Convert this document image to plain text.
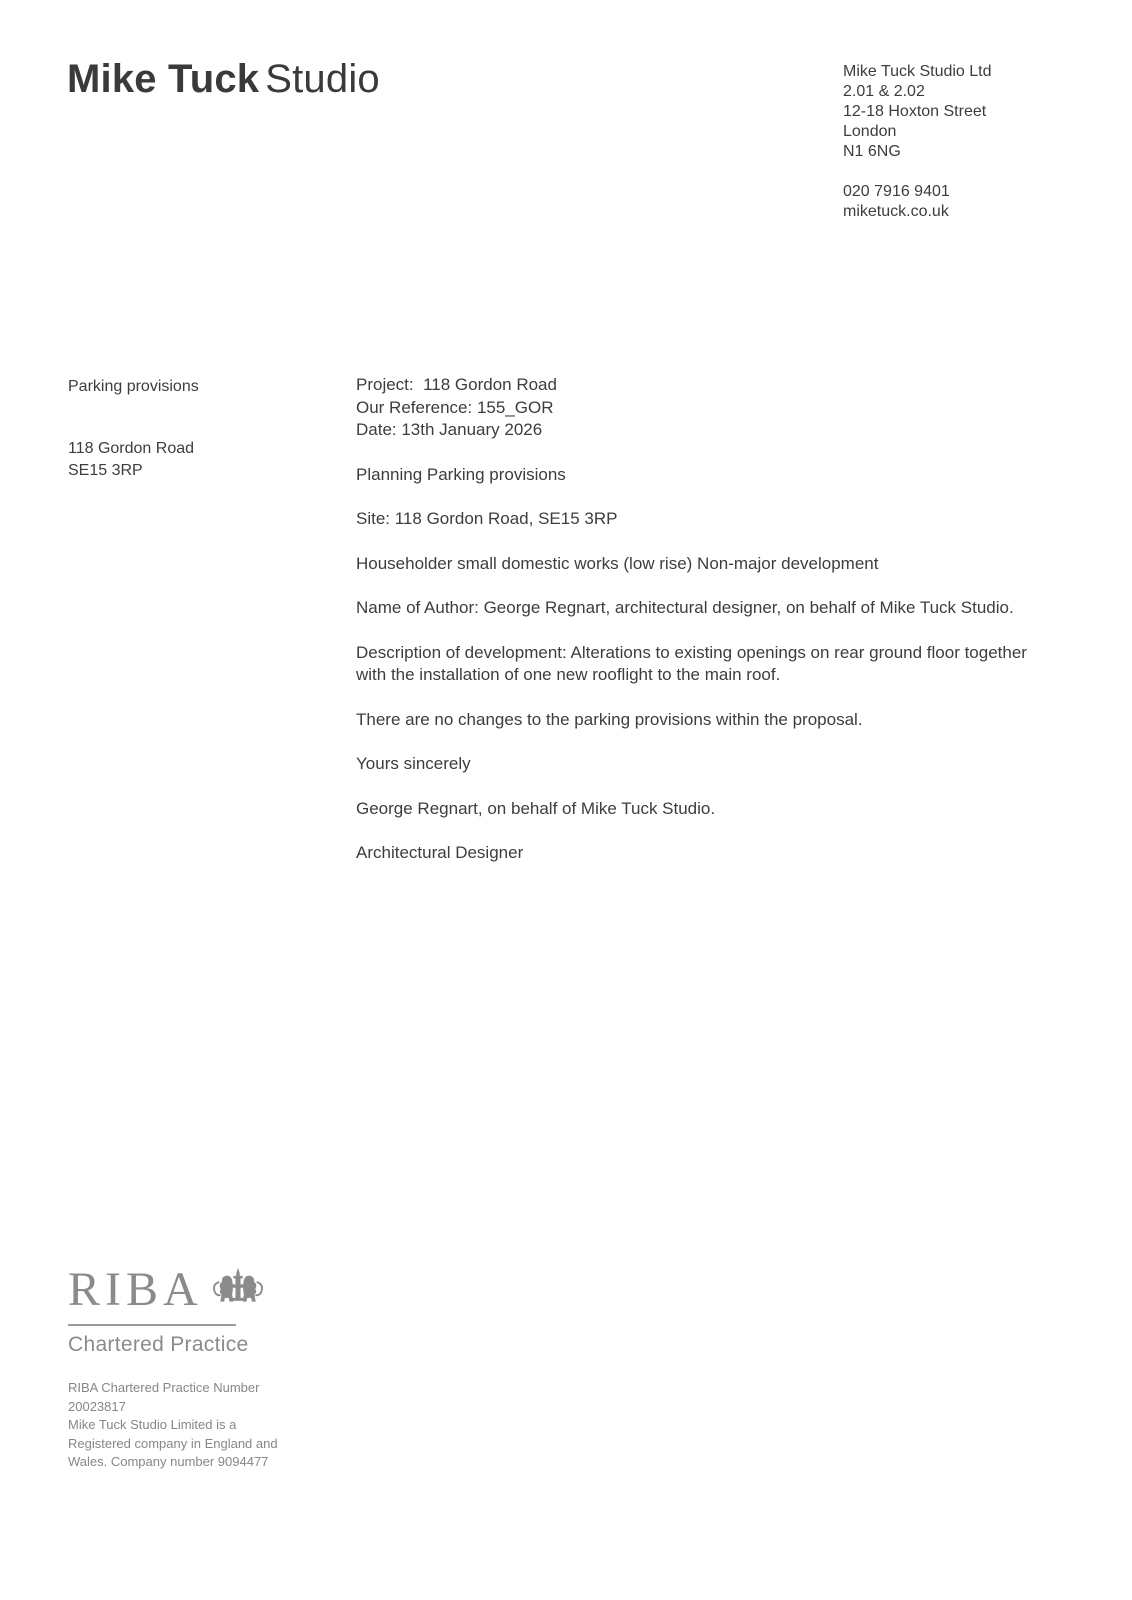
Mike Tuck Studio	Mike Tuck Studio Ltd
2.01 & 2.02
12-18 Hoxton Street
London
N1 6NG
020 7916 9401
miketuck.co.uk
Parking provisions
118 Gordon Road
SE15 3RP
Project:  118 Gordon Road
Our Reference: 155_GOR
Date: 13th January 2026

Planning Parking provisions

Site: 118 Gordon Road, SE15 3RP

Householder small domestic works (low rise) Non-major development

Name of Author: George Regnart, architectural designer, on behalf of Mike Tuck Studio.

Description of development: Alterations to existing openings on rear ground floor together with the installation of one new rooflight to the main roof.

There are no changes to the parking provisions within the proposal.

Yours sincerely

George Regnart, on behalf of Mike Tuck Studio.

Architectural Designer

RIBA
Chartered Practice
RIBA Chartered Practice Number
20023817
Mike Tuck Studio Limited is a
Registered company in England and
Wales. Company number 9094477
